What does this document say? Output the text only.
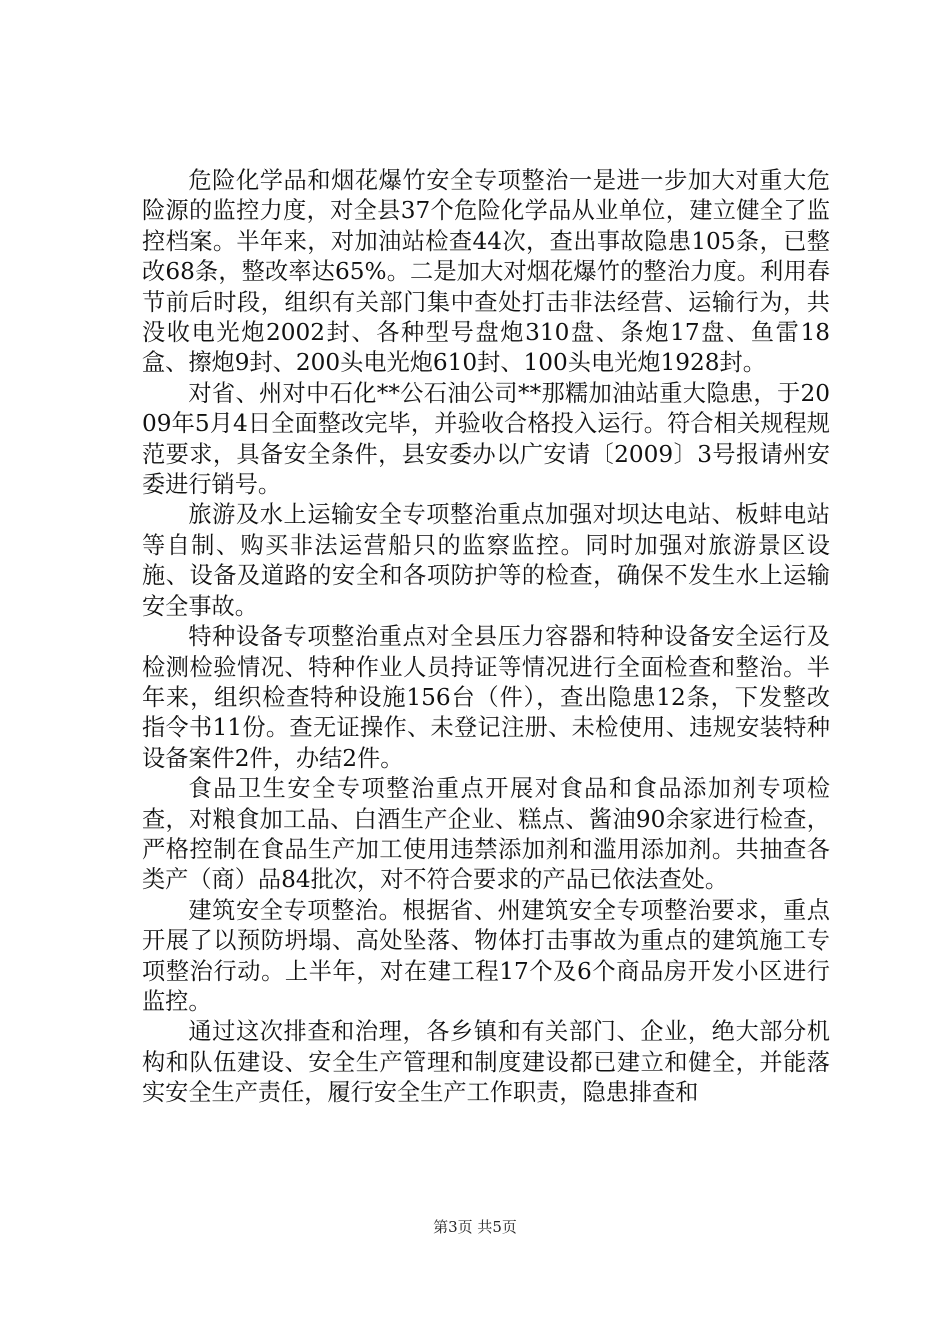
危险化学品和烟花爆竹安全专项整治一是进一步加大对重大危险源的监控力度，对全县37个危险化学品从业单位，建立健全了监控档案。半年来，对加油站检查44次，查出事故隐患105条，已整改68条，整改率达65%。二是加大对烟花爆竹的整治力度。利用春节前后时段，组织有关部门集中查处打击非法经营、运输行为，共没收电光炮2002封、各种型号盘炮310盘、条炮17盘、鱼雷18盒、擦炮9封、200头电光炮610封、100头电光炮1928封。

对省、州对中石化**公石油公司**那糯加油站重大隐患，于2009年5月4日全面整改完毕，并验收合格投入运行。符合相关规程规范要求，具备安全条件，县安委办以广安请〔2009〕3号报请州安委进行销号。

旅游及水上运输安全专项整治重点加强对坝达电站、板蚌电站等自制、购买非法运营船只的监察监控。同时加强对旅游景区设施、设备及道路的安全和各项防护等的检查，确保不发生水上运输安全事故。

特种设备专项整治重点对全县压力容器和特种设备安全运行及检测检验情况、特种作业人员持证等情况进行全面检查和整治。半年来，组织检查特种设施156台（件），查出隐患12条，下发整改指令书11份。查无证操作、未登记注册、未检使用、违规安装特种设备案件2件，办结2件。

食品卫生安全专项整治重点开展对食品和食品添加剂专项检查，对粮食加工品、白酒生产企业、糕点、酱油90余家进行检查，严格控制在食品生产加工使用违禁添加剂和滥用添加剂。共抽查各类产（商）品84批次，对不符合要求的产品已依法查处。

建筑安全专项整治。根据省、州建筑安全专项整治要求，重点开展了以预防坍塌、高处坠落、物体打击事故为重点的建筑施工专项整治行动。上半年，对在建工程17个及6个商品房开发小区进行监控。

通过这次排查和治理，各乡镇和有关部门、企业，绝大部分机构和队伍建设、安全生产管理和制度建设都已建立和健全，并能落实安全生产责任，履行安全生产工作职责，隐患排查和

第3页 共5页
